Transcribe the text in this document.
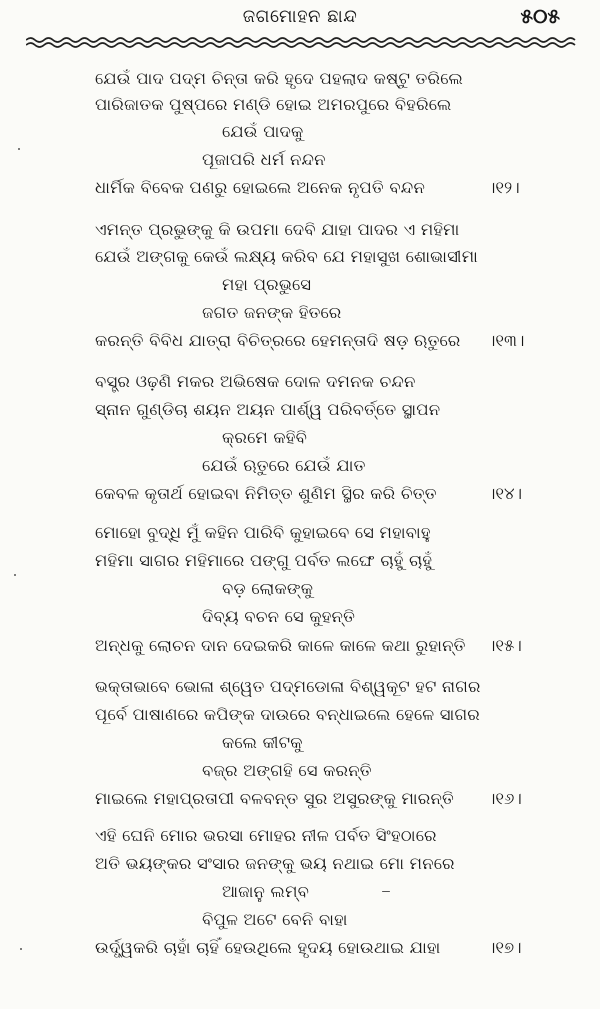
ଜଗମୋହନ ଛାନ୍ଦ	୫୦୫
ଯେଉଁ ପାଦ ପଦ୍ମ ଚିନ୍ତା କରି ହୃଦେ ପହଲାଦ କଷ୍ଟୁ ତରିଲେ
ପାରିଜାତକ ପୁଷ୍ପରେ ମଣ୍ଡି ହୋଇ ଅମରପୁରେ ବିହରିଲେ
ଯେଉଁ ପାଦକୁ
ପୂଜାପରି ଧର୍ମ ନନ୍ଦନ
ଧାର୍ମିକ ବିବେକ ପଣରୁ ହୋଇଲେ ଅନେକ ନୃପତି ବନ୍ଦନ	।୧୨।
ଏମନ୍ତ ପ୍ରଭୁଙ୍କୁ କି ଉପମା ଦେବି ଯାହା ପାଦର ଏ ମହିମା
ଯେଉଁ ଅଙ୍ଗକୁ କେଉଁ ଲକ୍ଷ୍ୟ କରିବ ଯେ ମହାସୁଖ ଶୋଭାସୀମା
ମହା ପ୍ରଭୁସେ
ଜଗତ ଜନଙ୍କ ହିତରେ
କରନ୍ତି ବିବିଧ ଯାତ୍ରା ବିଚିତ୍ରରେ ହେମନ୍ତାଦି ଷଡ଼ ଋତୁରେ ।୧୩।
ବସ୍ତ୍ର ଓଢ଼ଣି ମକର ଅଭିଷେକ ଦୋଳ ଦମନକ ଚନ୍ଦନ
ସ୍ନାନ ଗୁଣ୍ଡିଚା ଶୟନ ଅୟନ ପାର୍ଶ୍ୱ ପରିବର୍ତ୍ତେ ସ୍ଥାପନ
କ୍ରମେ କହିବି
ଯେଉଁ ଋତୁରେ ଯେଉଁ ଯାତ
କେବଳ କୃତାର୍ଥ ହୋଇବା ନିମିତ୍ତ ଶୁଣିମ ସ୍ଥିର କରି ଚିତ୍ତ	।୧୪।
ମୋହୋ ବୁଦ୍ଧି ମୁଁ କହିନ ପାରିବି କୁହାଇବେ ସେ ମହାବାହୁ
ମହିମା ସାଗର ମହିମାରେ ପଙ୍ଗୁ ପର୍ବତ ଲଙ୍ଘେ ଚାହୁଁ ଚାହୁଁ
ବଡ଼ ଲୋକଙ୍କୁ
ଦିବ୍ୟ ବଚନ ସେ କୁହନ୍ତି
ଅନ୍ଧକୁ ଲୋଚନ ଦାନ ଦେଇକରି କାଳେ କାଳେ କଥା ରୁହାନ୍ତି ।୧୫।
ଭକ୍ତାଭାବେ ଭୋଳା ଶ୍ୱେତ ପଦ୍ମଡୋଳା ବିଶ୍ୱକୂଟ ହଟ ନାଗର
ପୂର୍ବେ ପାଷାଣରେ କପିଙ୍କ ଦାଉରେ ବନ୍ଧାଇଲେ ହେଳେ ସାଗର
କଲେ କୀଟକୁ
ବଜ୍ର ଅଙ୍ଗହି ସେ କରନ୍ତି
ମାଇଲେ ମହାପ୍ରତାପୀ ବଳବନ୍ତ ସୁର ଅସୁରଙ୍କୁ ମାରନ୍ତି ।୧୬।
ଏହି ଘେନି ମୋର ଭରସା ମୋହର ନୀଳ ପର୍ବତ ସିଂହଠାରେ
ଅତି ଭୟଙ୍କର ସଂସାର ଜନଙ୍କୁ ଭୟ ନଥାଇ ମୋ ମନରେ
ଆଜାନୁ ଲମ୍ବ
ବିପୁଳ ଅଟେ ବେନି ବାହା
ଉର୍ଦ୍ଧ୍ୱକରି ଚାହାଁ ଚାହିଁ ହେଉଥିଲେ ହୃଦୟ ହୋଉଥାଇ ଯାହା	।୧୭।
